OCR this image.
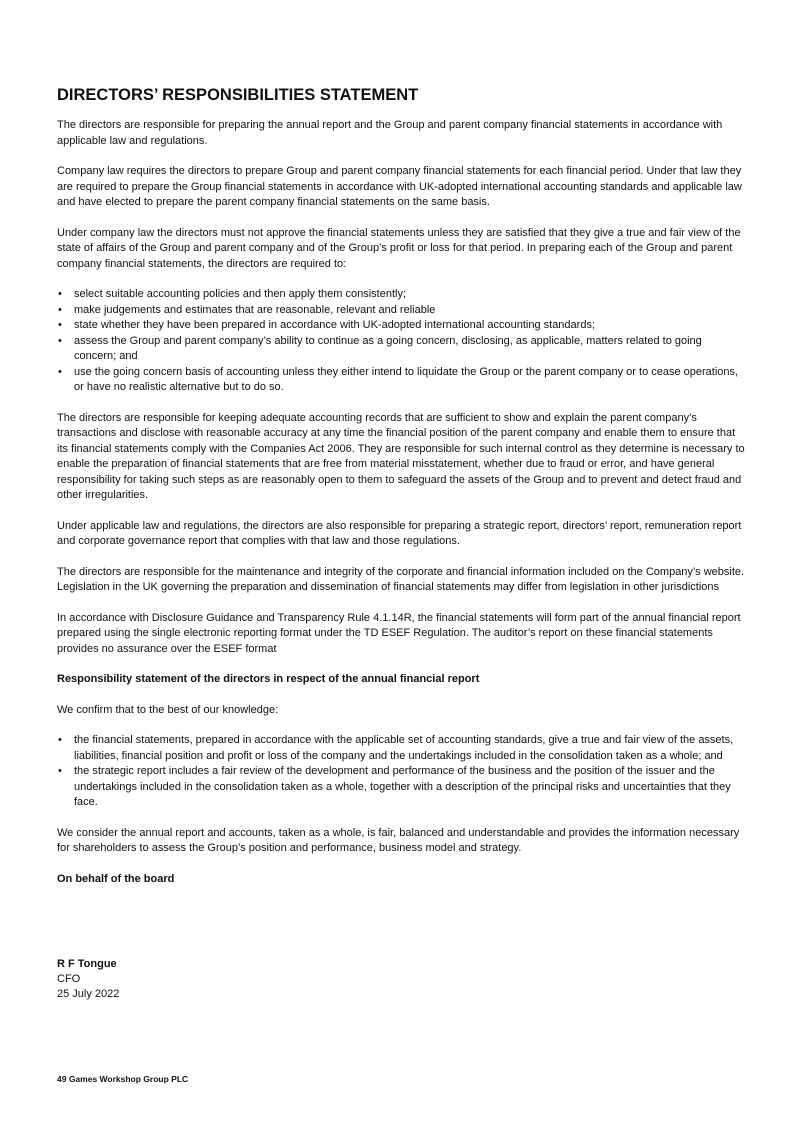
DIRECTORS’ RESPONSIBILITIES STATEMENT

The directors are responsible for preparing the annual report and the Group and parent company financial statements in accordance with applicable law and regulations.

Company law requires the directors to prepare Group and parent company financial statements for each financial period. Under that law they are required to prepare the Group financial statements in accordance with UK-adopted international accounting standards and applicable law and have elected to prepare the parent company financial statements on the same basis.

Under company law the directors must not approve the financial statements unless they are satisfied that they give a true and fair view of the state of affairs of the Group and parent company and of the Group’s profit or loss for that period. In preparing each of the Group and parent company financial statements, the directors are required to:

• select suitable accounting policies and then apply them consistently;
• make judgements and estimates that are reasonable, relevant and reliable
• state whether they have been prepared in accordance with UK-adopted international accounting standards;
• assess the Group and parent company’s ability to continue as a going concern, disclosing, as applicable, matters related to going concern; and
• use the going concern basis of accounting unless they either intend to liquidate the Group or the parent company or to cease operations, or have no realistic alternative but to do so.

The directors are responsible for keeping adequate accounting records that are sufficient to show and explain the parent company’s transactions and disclose with reasonable accuracy at any time the financial position of the parent company and enable them to ensure that its financial statements comply with the Companies Act 2006. They are responsible for such internal control as they determine is necessary to enable the preparation of financial statements that are free from material misstatement, whether due to fraud or error, and have general responsibility for taking such steps as are reasonably open to them to safeguard the assets of the Group and to prevent and detect fraud and other irregularities.

Under applicable law and regulations, the directors are also responsible for preparing a strategic report, directors’ report, remuneration report and corporate governance report that complies with that law and those regulations.

The directors are responsible for the maintenance and integrity of the corporate and financial information included on the Company’s website. Legislation in the UK governing the preparation and dissemination of financial statements may differ from legislation in other jurisdictions

In accordance with Disclosure Guidance and Transparency Rule 4.1.14R, the financial statements will form part of the annual financial report prepared using the single electronic reporting format under the TD ESEF Regulation. The auditor’s report on these financial statements provides no assurance over the ESEF format

Responsibility statement of the directors in respect of the annual financial report

We confirm that to the best of our knowledge:

• the financial statements, prepared in accordance with the applicable set of accounting standards, give a true and fair view of the assets, liabilities, financial position and profit or loss of the company and the undertakings included in the consolidation taken as a whole; and
• the strategic report includes a fair review of the development and performance of the business and the position of the issuer and the undertakings included in the consolidation taken as a whole, together with a description of the principal risks and uncertainties that they face.

We consider the annual report and accounts, taken as a whole, is fair, balanced and understandable and provides the information necessary for shareholders to assess the Group’s position and performance, business model and strategy.

On behalf of the board
R F Tongue
CFO
25 July 2022
49 Games Workshop Group PLC
